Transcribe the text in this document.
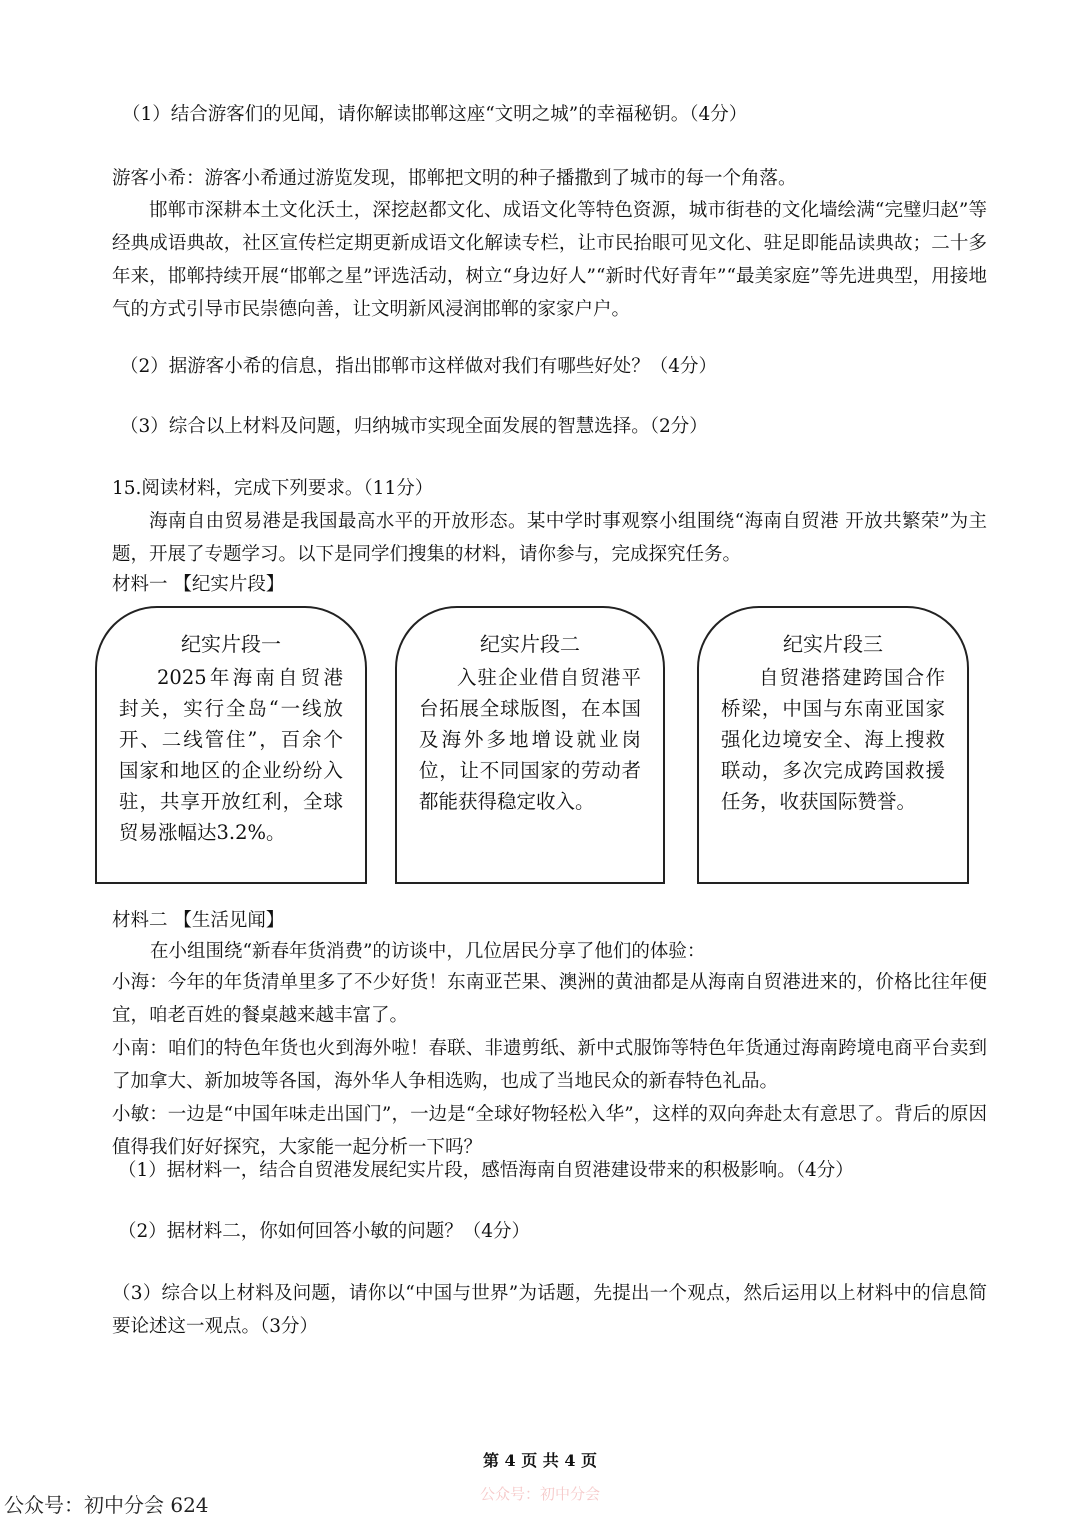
（1）结合游客们的见闻，请你解读邯郸这座“文明之城”的幸福秘钥。（4分）
游客小希：游客小希通过游览发现，邯郸把文明的种子播撒到了城市的每一个角落。
邯郸市深耕本土文化沃土，深挖赵都文化、成语文化等特色资源，城市街巷的文化墙绘满“完璧归赵”等经典成语典故，社区宣传栏定期更新成语文化解读专栏，让市民抬眼可见文化、驻足即能品读典故；二十多年来，邯郸持续开展“邯郸之星”评选活动，树立“身边好人”“新时代好青年”“最美家庭”等先进典型，用接地气的方式引导市民崇德向善，让文明新风浸润邯郸的家家户户。
（2）据游客小希的信息，指出邯郸市这样做对我们有哪些好处？（4分）
（3）综合以上材料及问题，归纳城市实现全面发展的智慧选择。（2分）
15.阅读材料，完成下列要求。（11分）
海南自由贸易港是我国最高水平的开放形态。某中学时事观察小组围绕“海南自贸港 开放共繁荣”为主题，开展了专题学习。以下是同学们搜集的材料，请你参与，完成探究任务。
材料一 【纪实片段】
纪实片段一
2025年海南自贸港封关，实行全岛“一线放开、二线管住”，百余个国家和地区的企业纷纷入驻，共享开放红利，全球贸易涨幅达3.2%。
纪实片段二
入驻企业借自贸港平台拓展全球版图，在本国及海外多地增设就业岗位，让不同国家的劳动者都能获得稳定收入。
纪实片段三
自贸港搭建跨国合作桥梁，中国与东南亚国家强化边境安全、海上搜救联动，多次完成跨国救援任务，收获国际赞誉。
材料二 【生活见闻】
在小组围绕“新春年货消费”的访谈中，几位居民分享了他们的体验：

小海：今年的年货清单里多了不少好货！东南亚芒果、澳洲的黄油都是从海南自贸港进来的，价格比往年便宜，咱老百姓的餐桌越来越丰富了。

小南：咱们的特色年货也火到海外啦！春联、非遗剪纸、新中式服饰等特色年货通过海南跨境电商平台卖到了加拿大、新加坡等各国，海外华人争相选购，也成了当地民众的新春特色礼品。

小敏：一边是“中国年味走出国门”，一边是“全球好物轻松入华”，这样的双向奔赴太有意思了。背后的原因值得我们好好探究，大家能一起分析一下吗？

（1）据材料一，结合自贸港发展纪实片段，感悟海南自贸港建设带来的积极影响。（4分）
（2）据材料二，你如何回答小敏的问题？（4分）
（3）综合以上材料及问题，请你以“中国与世界”为话题，先提出一个观点，然后运用以上材料中的信息简要论述这一观点。（3分）
第 4 页 共 4 页
公众号：初中分会
公众号：初中分会 624
